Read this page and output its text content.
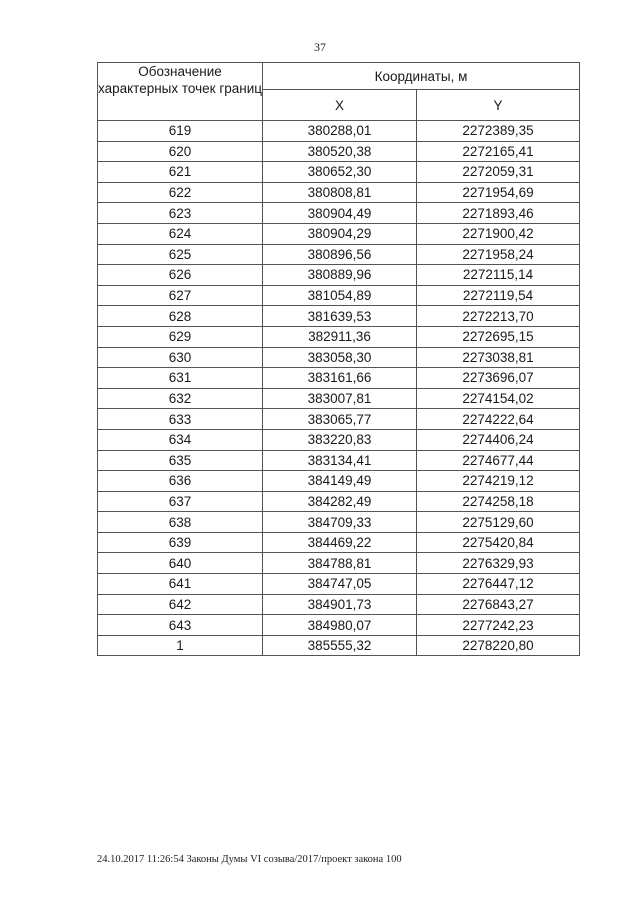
37
Обозначение характерных точек границ	Координаты, м	
	X	Y
619	380288,01	2272389,35
620	380520,38	2272165,41
621	380652,30	2272059,31
622	380808,81	2271954,69
623	380904,49	2271893,46
624	380904,29	2271900,42
625	380896,56	2271958,24
626	380889,96	2272115,14
627	381054,89	2272119,54
628	381639,53	2272213,70
629	382911,36	2272695,15
630	383058,30	2273038,81
631	383161,66	2273696,07
632	383007,81	2274154,02
633	383065,77	2274222,64
634	383220,83	2274406,24
635	383134,41	2274677,44
636	384149,49	2274219,12
637	384282,49	2274258,18
638	384709,33	2275129,60
639	384469,22	2275420,84
640	384788,81	2276329,93
641	384747,05	2276447,12
642	384901,73	2276843,27
643	384980,07	2277242,23
1	385555,32	2278220,80
24.10.2017 11:26:54 Законы Думы VI созыва/2017/проект закона 100
